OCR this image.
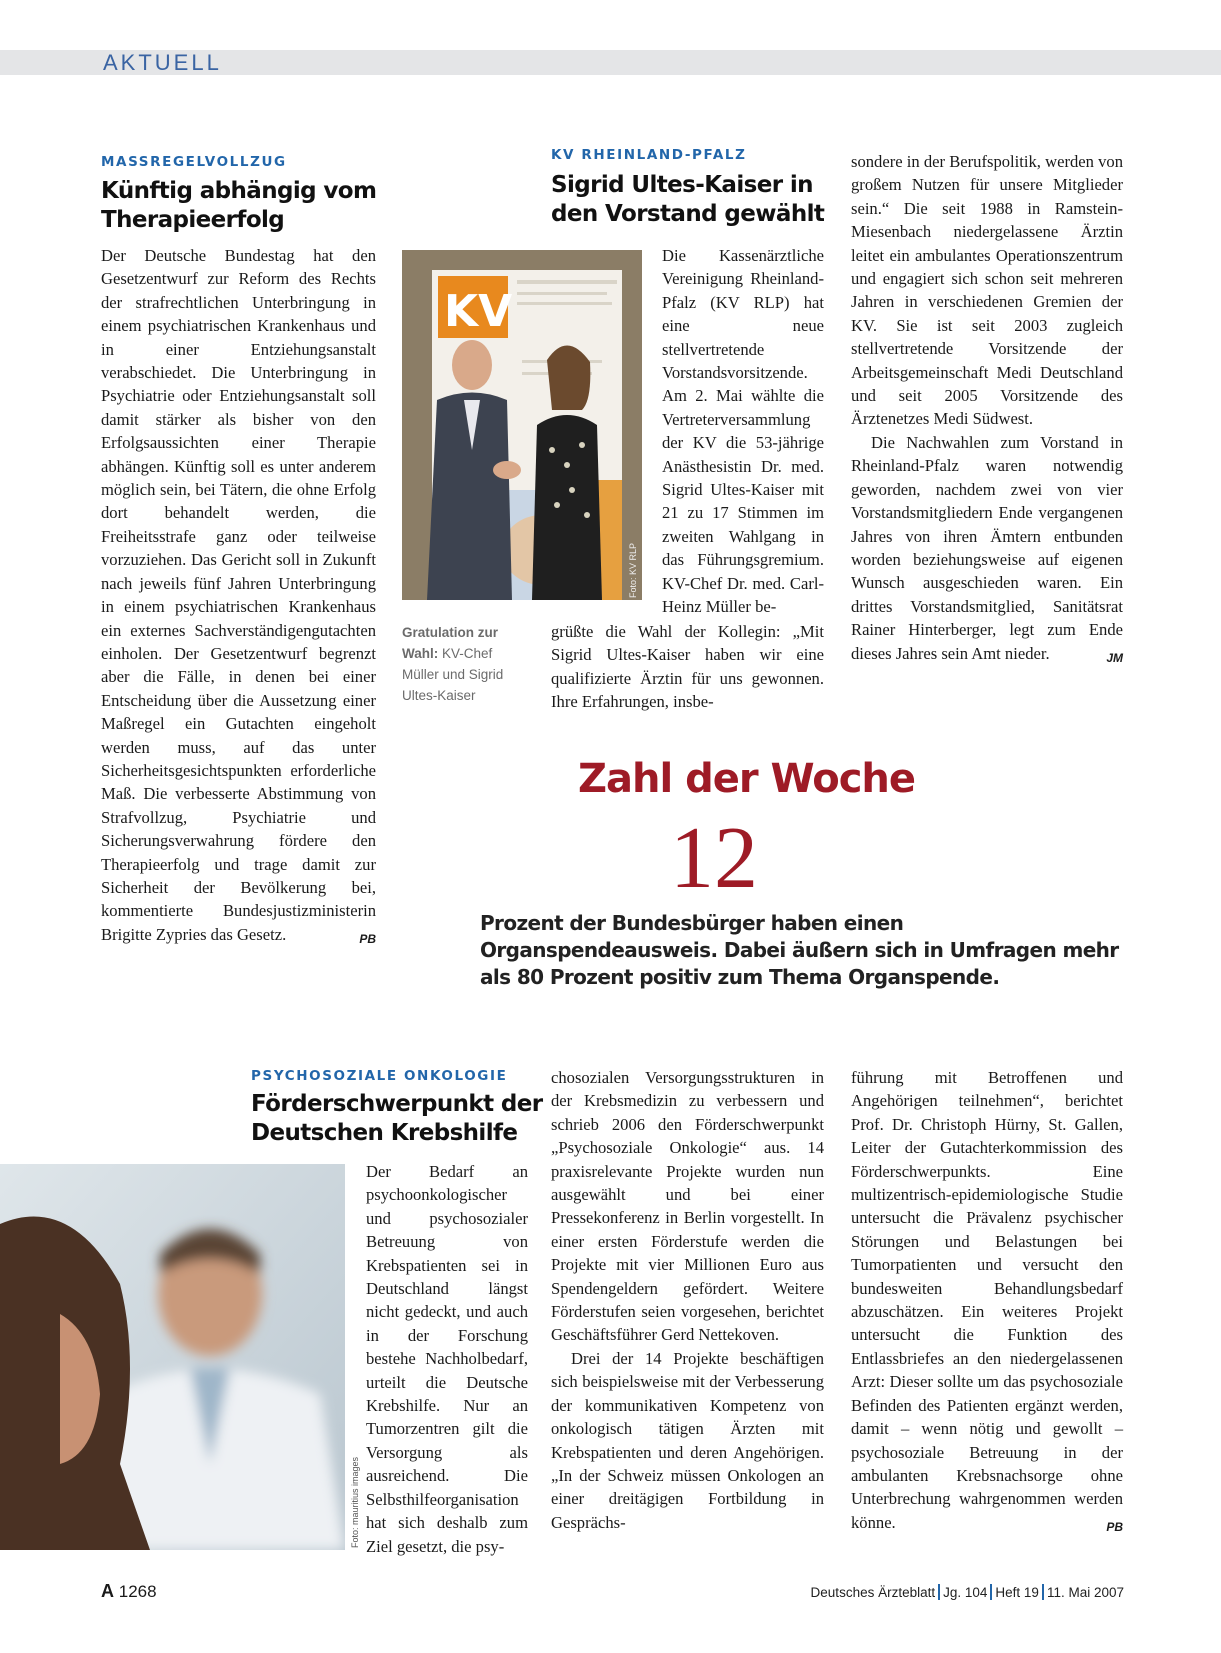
AKTUELL
MASSREGELVOLLZUG
Künftig abhängig vom
Therapieerfolg

Der Deutsche Bundestag hat den Gesetzentwurf zur Reform des Rechts der strafrechtlichen Unterbringung in einem psychiatrischen Krankenhaus und in einer Entziehungsanstalt verabschiedet. Die Unterbringung in Psychiatrie oder Entziehungsanstalt soll damit stärker als bisher von den Erfolgsaussichten einer Therapie abhängen. Künftig soll es unter anderem möglich sein, bei Tätern, die ohne Erfolg dort behandelt werden, die Freiheitsstrafe ganz oder teilweise vorzuziehen. Das Gericht soll in Zukunft nach jeweils fünf Jahren Unterbringung in einem psychiatrischen Krankenhaus ein externes Sachverständigengutachten einholen. Der Gesetzentwurf begrenzt aber die Fälle, in denen bei einer Entscheidung über die Aussetzung einer Maßregel ein Gutachten eingeholt werden muss, auf das unter Sicherheitsgesichtspunkten erforderliche Maß. Die verbesserte Abstimmung von Strafvollzug, Psychiatrie und Sicherungsverwahrung fördere den Therapieerfolg und trage damit zur Sicherheit der Bevölkerung bei, kommentierte Bundesjustizministerin Brigitte Zypries das Gesetz.	PB

KV RHEINLAND-PFALZ
Sigrid Ultes-Kaiser in
den Vorstand gewählt
KV
Foto: KV RLP
Gratulation zur Wahl: KV-Chef Müller und Sigrid Ultes-Kaiser

Die Kassenärztliche Vereinigung Rheinland-Pfalz (KV RLP) hat eine neue stellvertretende Vorstandsvorsitzende. Am 2. Mai wählte die Vertreterversammlung der KV die 53-jährige Anästhesistin Dr. med. Sigrid Ultes-Kaiser mit 21 zu 17 Stimmen im zweiten Wahlgang in das Führungsgremium. KV-Chef Dr. med. Carl-Heinz Müller be-

grüßte die Wahl der Kollegin: „Mit Sigrid Ultes-Kaiser haben wir eine qualifizierte Ärztin für uns gewonnen. Ihre Erfahrungen, insbe-

sondere in der Berufspolitik, werden von großem Nutzen für unsere Mitglieder sein.“ Die seit 1988 in Ramstein-Miesenbach niedergelassene Ärztin leitet ein ambulantes Operationszentrum und engagiert sich schon seit mehreren Jahren in verschiedenen Gremien der KV. Sie ist seit 2003 zugleich stellvertretende Vorsitzende der Arbeitsgemeinschaft Medi Deutschland und seit 2005 Vorsitzende des Ärztenetzes Medi Südwest.

Die Nachwahlen zum Vorstand in Rheinland-Pfalz waren notwendig geworden, nachdem zwei von vier Vorstandsmitgliedern Ende vergangenen Jahres von ihren Ämtern entbunden worden beziehungsweise auf eigenen Wunsch ausgeschieden waren. Ein drittes Vorstandsmitglied, Sanitätsrat Rainer Hinterberger, legt zum Ende dieses Jahres sein Amt nieder.	JM

Zahl der Woche
12
Prozent der Bundesbürger haben einen Organspendeausweis. Dabei äußern sich in Umfragen mehr als 80 Prozent positiv zum Thema Organspende.
PSYCHOSOZIALE ONKOLOGIE
Förderschwerpunkt der
Deutschen Krebshilfe
Foto: mauritius images

Der Bedarf an psychoonkologischer und psychosozialer Betreuung von Krebspatienten sei in Deutschland längst nicht gedeckt, und auch in der Forschung bestehe Nachholbedarf, urteilt die Deutsche Krebshilfe. Nur an Tumorzentren gilt die Versorgung als ausreichend. Die Selbsthilfeorganisation hat sich deshalb zum Ziel gesetzt, die psy-

chosozialen Versorgungsstrukturen in der Krebsmedizin zu verbessern und schrieb 2006 den Förderschwerpunkt „Psychosoziale Onkologie“ aus. 14 praxisrelevante Projekte wurden nun ausgewählt und bei einer Pressekonferenz in Berlin vorgestellt. In einer ersten Förderstufe werden die Projekte mit vier Millionen Euro aus Spendengeldern gefördert. Weitere Förderstufen seien vorgesehen, berichtet Geschäftsführer Gerd Nettekoven.

Drei der 14 Projekte beschäftigen sich beispielsweise mit der Verbesserung der kommunikativen Kompetenz von onkologisch tätigen Ärzten mit Krebspatienten und deren Angehörigen. „In der Schweiz müssen Onkologen an einer dreitägigen Fortbildung in Gesprächs-

führung mit Betroffenen und Angehörigen teilnehmen“, berichtet Prof. Dr. Christoph Hürny, St. Gallen, Leiter der Gutachterkommission des Förderschwerpunkts. Eine multizentrisch-epidemiologische Studie untersucht die Prävalenz psychischer Störungen und Belastungen bei Tumorpatienten und versucht den bundesweiten Behandlungsbedarf abzuschätzen. Ein weiteres Projekt untersucht die Funktion des Entlassbriefes an den niedergelassenen Arzt: Dieser sollte um das psychosoziale Befinden des Patienten ergänzt werden, damit – wenn nötig und gewollt – psychosoziale Betreuung in der ambulanten Krebsnachsorge ohne Unterbrechung wahrgenommen werden könne.	PB

A 1268	Deutsches Ärzteblatt Jg. 104 Heft 19 11. Mai 2007
